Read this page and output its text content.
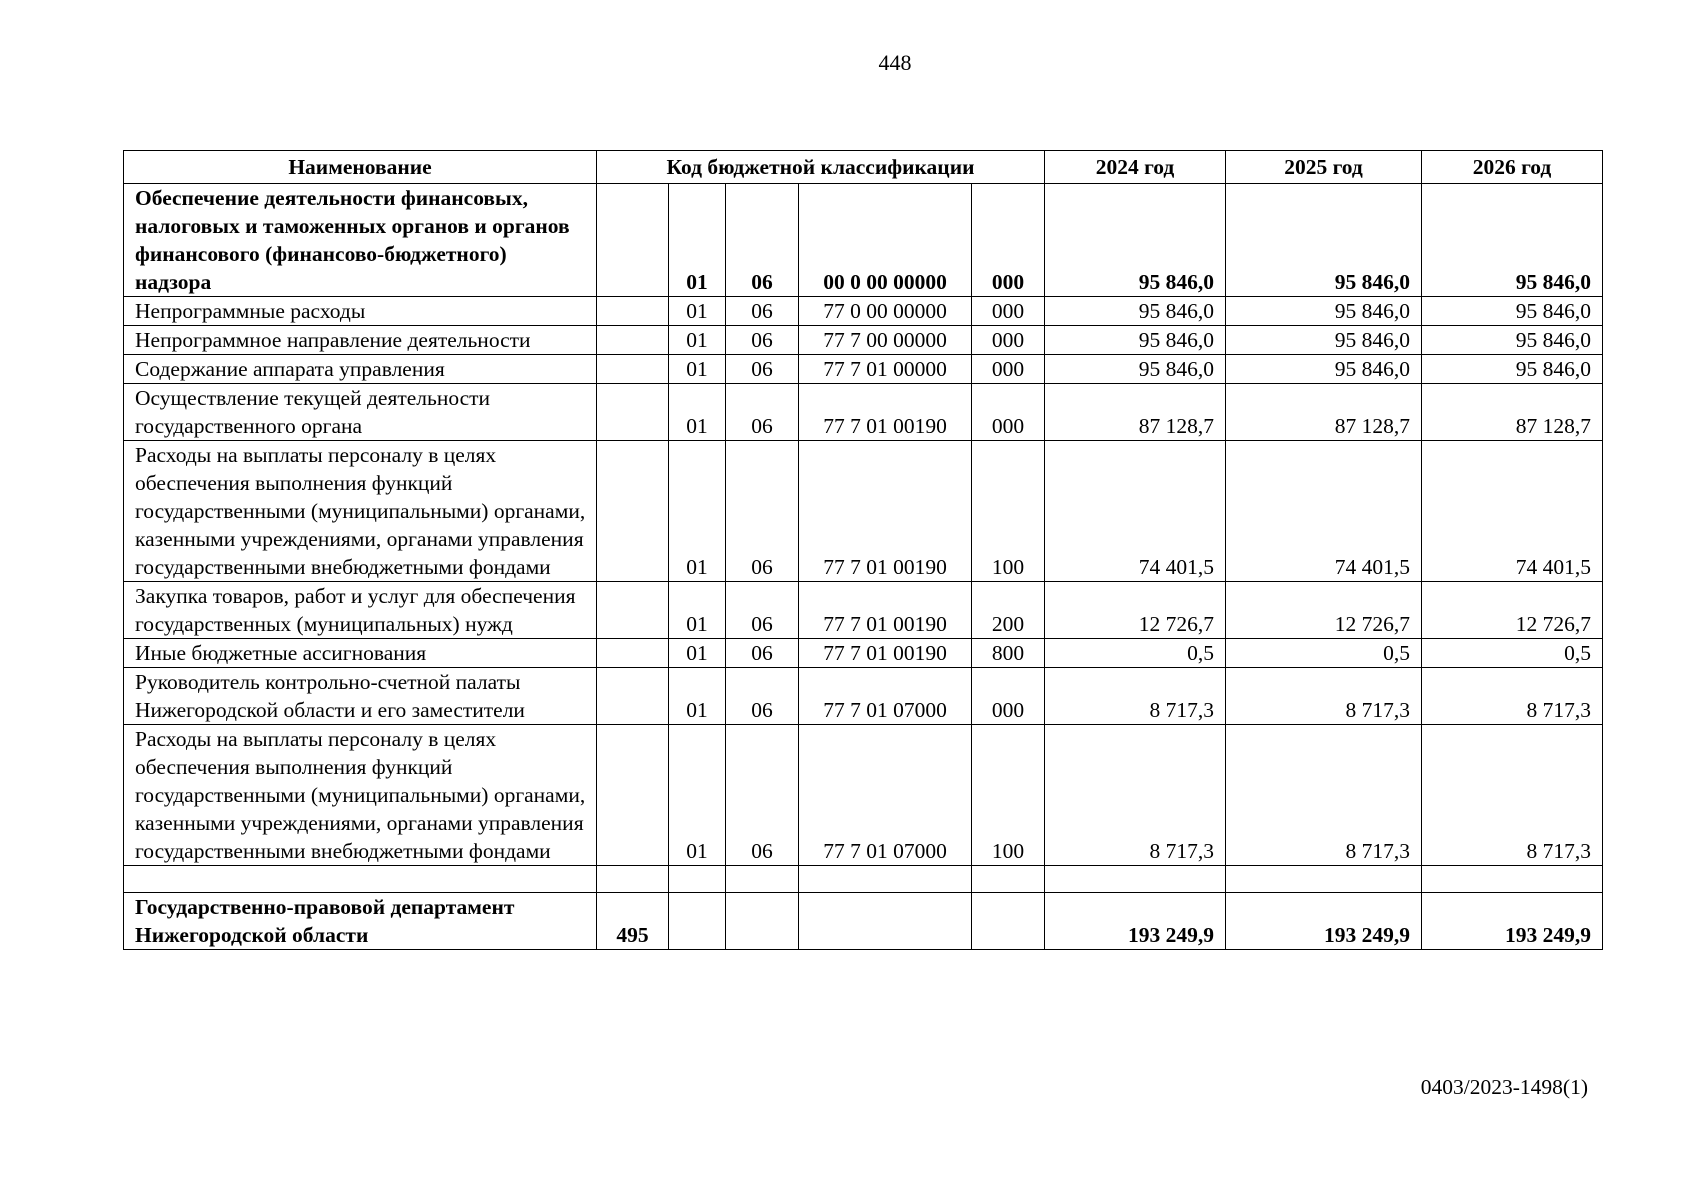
448
Наименование	Код бюджетной классификации					2024 год	2025 год	2026 год
Обеспечение деятельности финансовых, налоговых и таможенных органов и органов финансового (финансово-бюджетного) надзора		01	06	00 0 00 00000	000	95 846,0	95 846,0	95 846,0
Непрограммные расходы		01	06	77 0 00 00000	000	95 846,0	95 846,0	95 846,0
Непрограммное направление деятельности		01	06	77 7 00 00000	000	95 846,0	95 846,0	95 846,0
Содержание аппарата управления		01	06	77 7 01 00000	000	95 846,0	95 846,0	95 846,0
Осуществление текущей деятельности государственного органа		01	06	77 7 01 00190	000	87 128,7	87 128,7	87 128,7
Расходы на выплаты персоналу в целях обеспечения выполнения функций государственными (муниципальными) органами, казенными учреждениями, органами управления государственными внебюджетными фондами		01	06	77 7 01 00190	100	74 401,5	74 401,5	74 401,5
Закупка товаров, работ и услуг для обеспечения государственных (муниципальных) нужд		01	06	77 7 01 00190	200	12 726,7	12 726,7	12 726,7
Иные бюджетные ассигнования		01	06	77 7 01 00190	800	0,5	0,5	0,5
Руководитель контрольно-счетной палаты Нижегородской области и его заместители		01	06	77 7 01 07000	000	8 717,3	8 717,3	8 717,3
Расходы на выплаты персоналу в целях обеспечения выполнения функций государственными (муниципальными) органами, казенными учреждениями, органами управления государственными внебюджетными фондами		01	06	77 7 01 07000	100	8 717,3	8 717,3	8 717,3

Государственно-правовой департамент Нижегородской области	495					193 249,9	193 249,9	193 249,9
0403/2023-1498(1)
